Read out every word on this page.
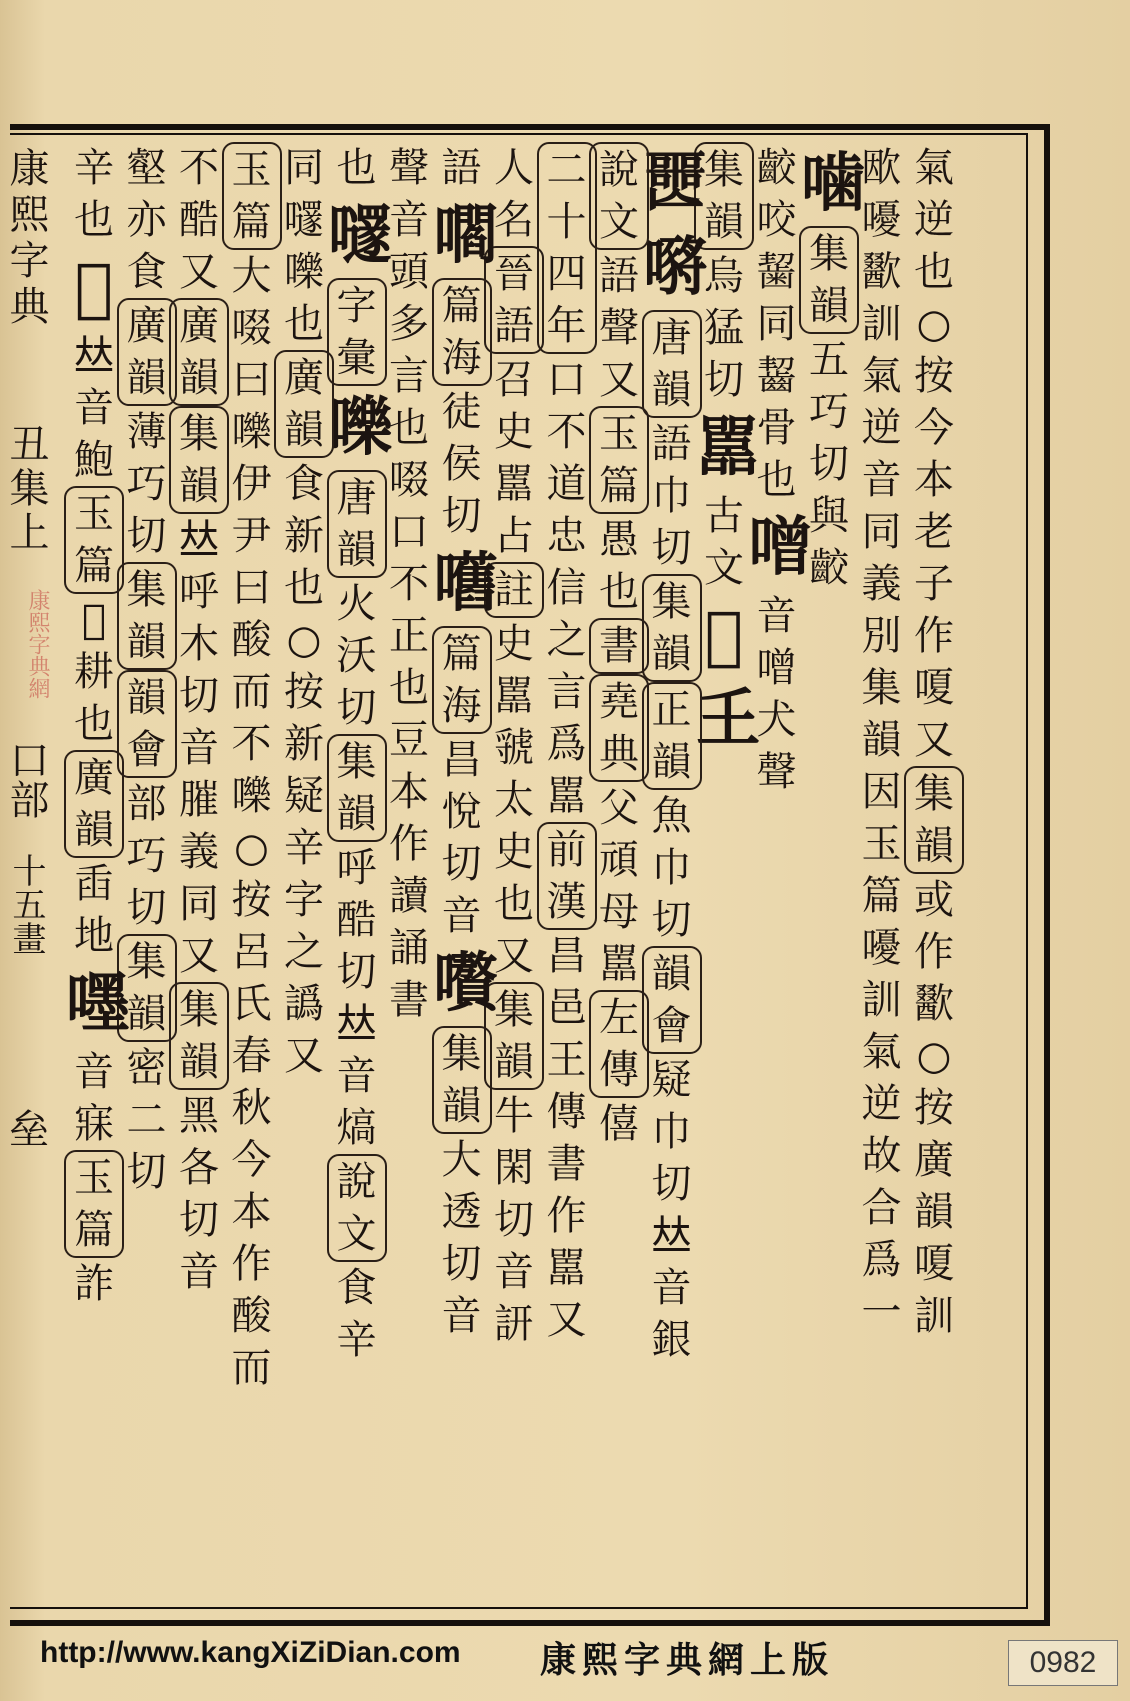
康熙字典
丑集上
康熙字典網
口部
十五畫
垒
氣
逆
也
○
按
今
本
老
子
作
嗄
又
集
韻
或
作
歠
○
按
廣
韻
嗄
訓
欭
嚘
歠
訓
氣
逆
音
同
義
別
集
韻
因
玉
篇
嚘
訓
氣
逆
故
合
爲
一
噛
集
韻
五
巧
切
與
齩
齩
咬
𪘂
同
齧
骨
也
噌
音
噌
犬
聲
集
韻
烏
猛
切
嚚
古
文
𡉣
𡈼
𡂤
𡁷
唐
韻
語
巾
切
集
韻
正
韻
魚
巾
切
韻
會
疑
巾
切
𠀤
音
銀
說
文
語
聲
又
玉
篇
愚
也
書
堯
典
父
頑
母
嚚
左
傳
僖
二
十
四
年
口
不
道
忠
信
之
言
爲
嚚
前
漢
昌
邑
王
傳
書
作
嚚
又
人
名
晉
語
召
史
嚚
占
註
史
嚚
虢
太
史
也
又
集
韻
牛
閑
切
音
訮
語
嚪
篇
海
徒
侯
切
嚿
篇
海
昌
悅
切
音
嚽
集
韻
大
透
切
音
聲
音
頭
多
言
也
啜
口
不
正
也
豆
本
作
讀
誦
書
也
嚺
字
彙
嚛
唐
韻
火
沃
切
集
韻
呼
酷
切
𠀤
音
熇
說
文
食
辛
同
嚺
嚛
也
廣
韻
食
新
也
○
按
新
疑
辛
字
之
譌
又
玉
篇
大
啜
曰
嚛
伊
尹
曰
酸
而
不
嚛
○
按
呂
氏
春
秋
今
本
作
酸
而
不
酷
又
廣
韻
集
韻
𠀤
呼
木
切
音
膗
義
同
又
集
韻
黑
各
切
音
壑
亦
食
廣
韻
薄
巧
切
集
韻
韻
會
部
巧
切
集
韻
密
二
切
辛
也
𪗳
𠀤
音
鮑
玉
篇
𪗳
耕
也
廣
韻
臿
地
嚜
音
寐
玉
篇
詐
http://www.kangXiZiDian.com 康熙字典網上版	0982
